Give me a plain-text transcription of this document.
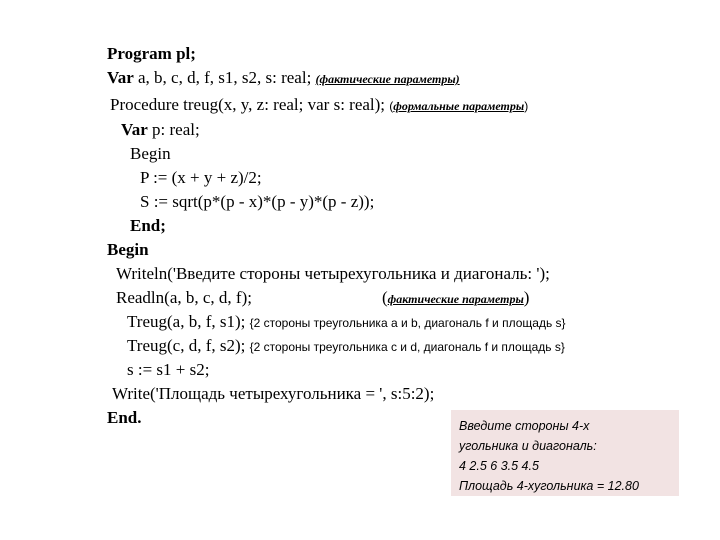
Program pl;
Var a, b, c, d, f, s1, s2, s: real; (фактические параметры)
Procedure treug(x, y, z: real; var s: real); (формальные параметры)
Var p: real;
Begin
P := (x + y + z)/2;
S := sqrt(p*(p - x)*(p - y)*(p - z));
End;
Begin
Writeln('Введите стороны четырехугольника и диагональ: ');
Readln(a, b, c, d, f);	(фактические параметры)
Treug(a, b, f, s1); {2 стороны треугольника a и b, диагональ f и площадь s}
Treug(c, d, f, s2); {2 стороны треугольника c и d, диагональ f и площадь s}
s := s1 + s2;
Write('Площадь четырехугольника = ', s:5:2);
End.	Введите стороны 4-х
угольника и диагональ:
4 2.5 6 3.5 4.5
Площадь 4-хугольника = 12.80
